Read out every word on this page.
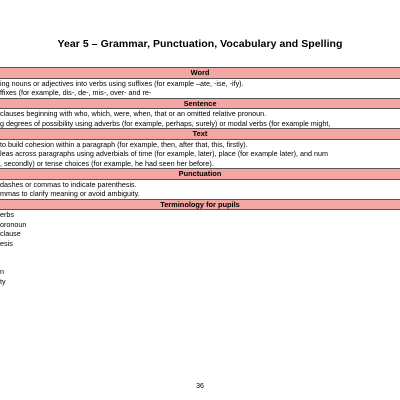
Year 5 – Grammar, Punctuation, Vocabulary and Spelling
Word
ing nouns or adjectives into verbs using suffixes (for example –ate, -ise, -ify).
ffixes (for example, dis-, de-, mis-, over- and re-
Sentence
clauses beginning with who, which, were, when, that or an omitted relative pronoun.
g degrees of possibility using adverbs (for example, perhaps, surely) or modal verbs (for example might,
Text
to build cohesion within a paragraph (for example, then, after that, this, firstly).
leas across paragraphs using adverbials of time (for example, later), place (for example later), and num
, secondly) or tense choices (for example, he had seen her before).
Punctuation
dashes or commas to indicate parenthesis.
mmas to clarify meaning or avoid ambiguity.
Terminology for pupils
erbs
oronoun
clause
esis
n
ty
36
